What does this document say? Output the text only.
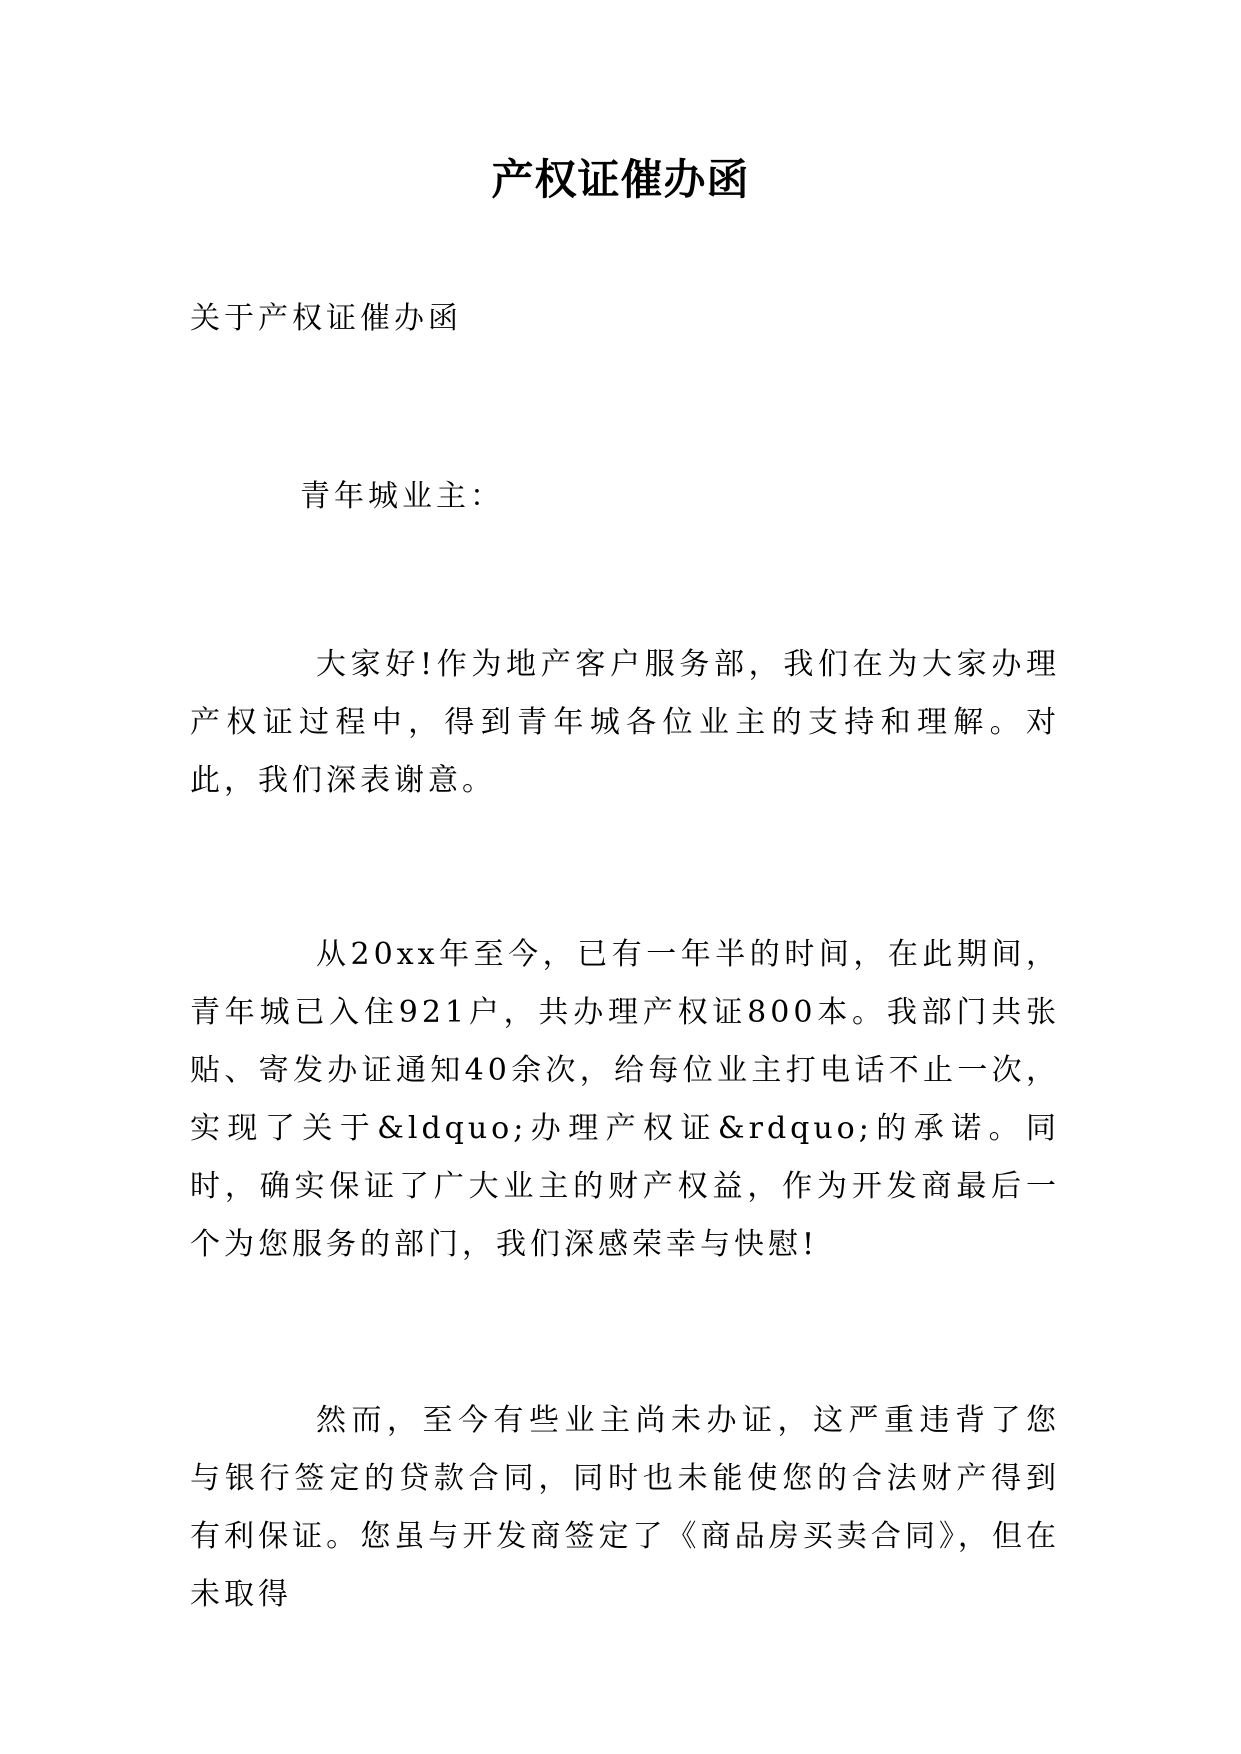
产权证催办函
关于产权证催办函
青年城业主：
大家好!作为地产客户服务部，我们在为大家办理产权证过程中，得到青年城各位业主的支持和理解。对此，我们深表谢意。
从20xx年至今，已有一年半的时间，在此期间，青年城已入住921户，共办理产权证800本。我部门共张贴、寄发办证通知40余次，给每位业主打电话不止一次，实现了关于&ldquo;办理产权证&rdquo;的承诺。同时，确实保证了广大业主的财产权益，作为开发商最后一个为您服务的部门，我们深感荣幸与快慰!
然而，至今有些业主尚未办证，这严重违背了您与银行签定的贷款合同，同时也未能使您的合法财产得到有利保证。您虽与开发商签定了《商品房买卖合同》，但在未取得
